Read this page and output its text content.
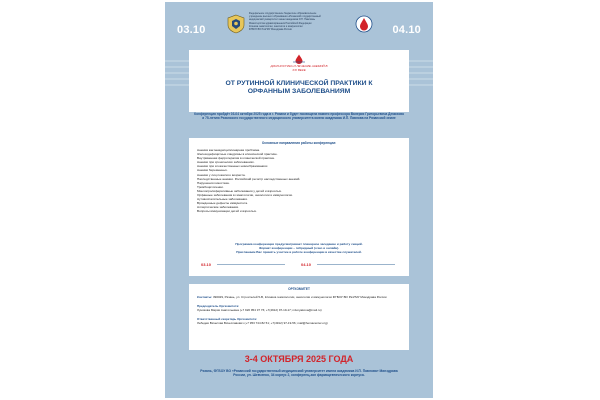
03.10	04.10
Федеральное государственное бюджетное образовательное
учреждение высшего образования «Рязанский государственный
медицинский университет имени академика И.П. Павлова»
Министерства здравоохранения Российской Федерации
Клиника гематологии, онкологии и иммунологии
ФГБОУ ВО РязГМУ Минздрава России
ДИАГНОСТИКА И ЛЕЧЕНИЕ АНЕМИЙ В XXI ВЕКЕ
ОТ РУТИННОЙ КЛИНИЧЕСКОЙ ПРАКТИКИ К ОРФАННЫМ ЗАБОЛЕВАНИЯМ
Конференция пройдёт 03-04 октября 2025 года в г. Рязани и будет посвящена памяти профессора Валерия Григорьевича Демихова и 75-летию Рязанского государственного медицинского университета имени академика И.П. Павлова на Рязанской земле
Основные направления работы конференции:
Анемия как междисциплинарная проблема.
Железодефицитные синдромы в клинической практике.
Внутривенная ферротерапия в клинической практике.
Анемии при хронических заболеваниях.
Анемии при злокачественных новообразованиях.
Анемии беременных.
Анемии у лиц пожилого возраста.
Наследственные анемии. Российский регистр наследственных анемий.
Нарушения гемостаза.
Тромбоцитопении.
Миелопролиферативные заболевания у детей и взрослых.
Орфанные заболевания в гематологии, онкологии и иммунологии.
Аутовоспалительные заболевания.
Врожденные дефекты иммунитета.
Аллергические заболевания.
Вопросы иммунизации детей и взрослых.
Программа конференции предусматривает пленарное заседание и работу секций.
Формат конференции – гибридный (очно и онлайн).
Приглашаем Вас принять участие в работе конференции в качестве слушателей.
03.10	04.10
ОРГКОМИТЕТ
Контакты: 390029, Рязань, ул. Строителей 5-В, Клиника гематологии, онкологии и иммунологии ФГБОУ ВО РязГМУ Минздрава России
Председатель Оргкомитета:
Лунякова Мария Анатольевна (+7 920 954 37 76; +7(4912) 97-19-17; mlunyakova@mail.ru)
Ответственный секретарь Оргкомитета:
Лебедев Вячеслав Вячеславович (+7 953 744 82 51; +7(4912) 97-19-56; mail@hemacenter.org)
3-4 ОКТЯБРЯ 2025 ГОДА
Рязань, ФГБОУ ВО «Рязанский государственный медицинский университет имени академика И.П. Павлова» Минздрава России, ул. Шевченко, 34 корпус 2, конференц-зал фармацевтического корпуса.
